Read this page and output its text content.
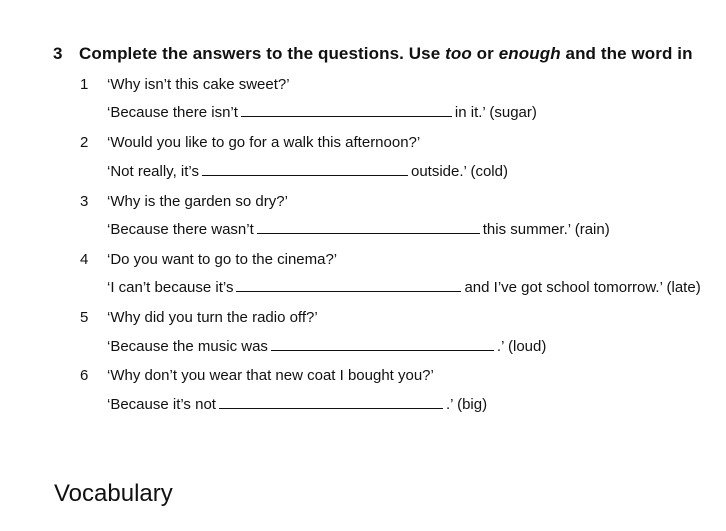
3 Complete the answers to the questions. Use too or enough and the word in
1 ‘Why isn’t this cake sweet?’
‘Because there isn’t	in it.’ (sugar)
2 ‘Would you like to go for a walk this afternoon?’
‘Not really, it’s	outside.’ (cold)
3 ‘Why is the garden so dry?’
‘Because there wasn’t	this summer.’ (rain)
4 ‘Do you want to go to the cinema?’
‘I can’t because it’s	and I’ve got school tomorrow.’ (late)
5 ‘Why did you turn the radio off?’
‘Because the music was	.’ (loud)
6 ‘Why don’t you wear that new coat I bought you?’
‘Because it’s not	.’ (big)
Vocabulary
